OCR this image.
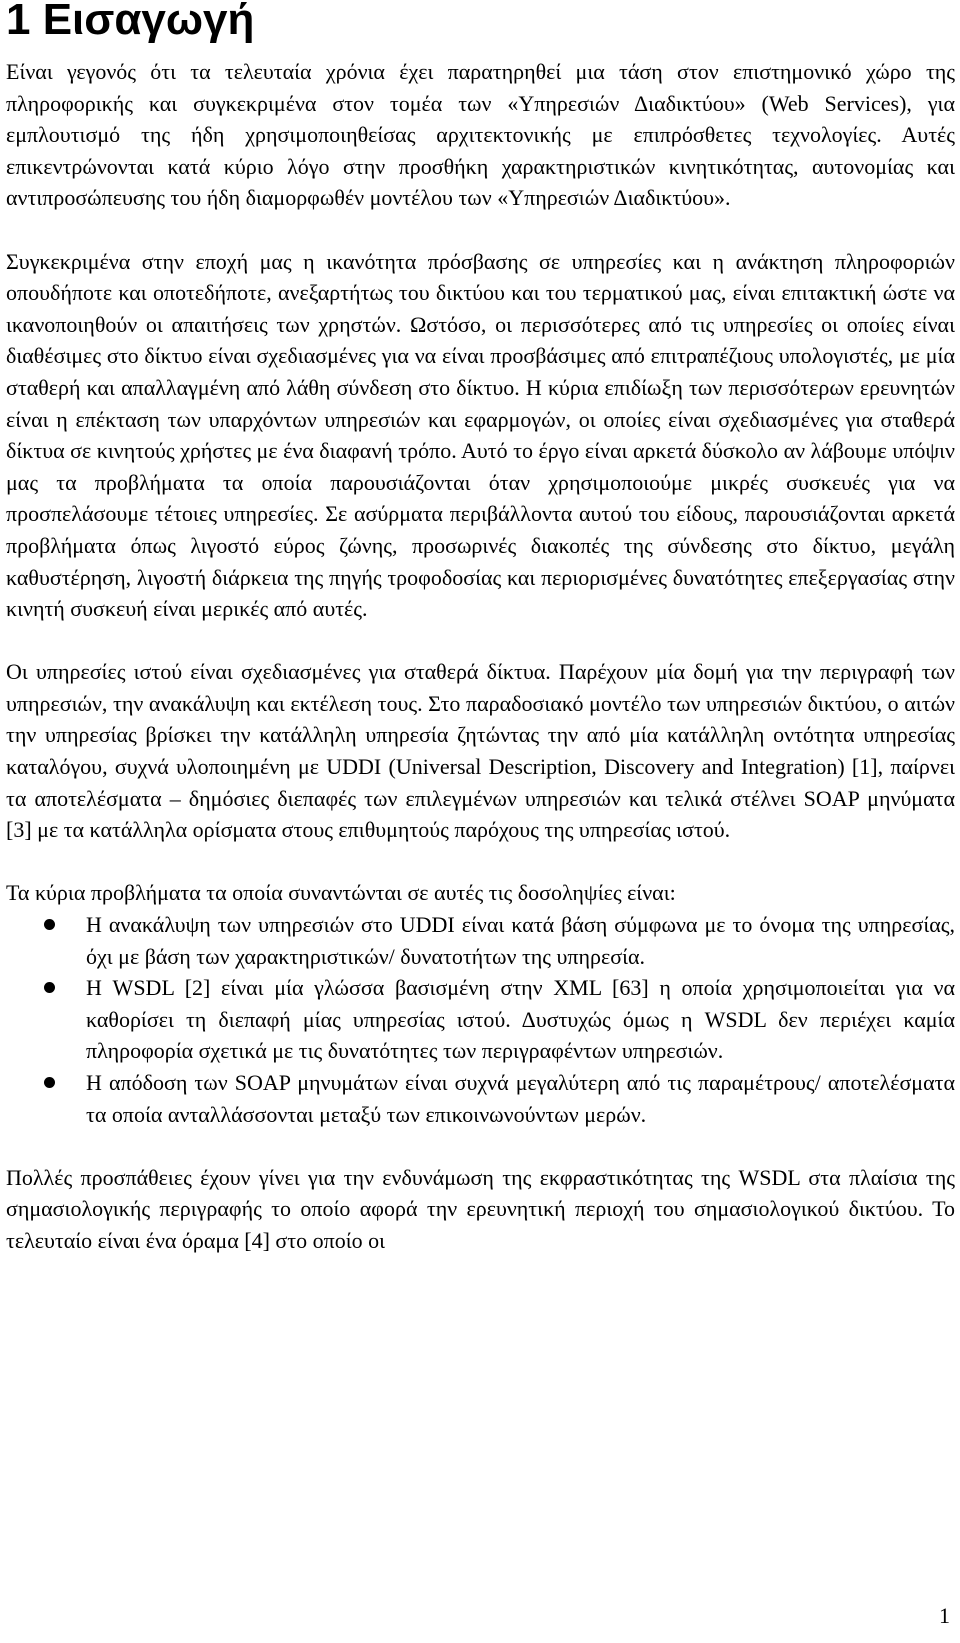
1 Εισαγωγή

Είναι γεγονός ότι τα τελευταία χρόνια έχει παρατηρηθεί μια τάση στον επιστημονικό χώρο της πληροφορικής και συγκεκριμένα στον τομέα των «Υπηρεσιών Διαδικτύου» (Web Services), για εμπλουτισμό της ήδη χρησιμοποιηθείσας αρχιτεκτονικής με επιπρόσθετες τεχνολογίες. Αυτές επικεντρώνονται κατά κύριο λόγο στην προσθήκη χαρακτηριστικών κινητικότητας, αυτονομίας και αντιπροσώπευσης του ήδη διαμορφωθέν μοντέλου των «Υπηρεσιών Διαδικτύου».

Συγκεκριμένα στην εποχή μας η ικανότητα πρόσβασης σε υπηρεσίες και η ανάκτηση πληροφοριών οπουδήποτε και οποτεδήποτε, ανεξαρτήτως του δικτύου και του τερματικού μας, είναι επιτακτική ώστε να ικανοποιηθούν οι απαιτήσεις των χρηστών. Ωστόσο, οι περισσότερες από τις υπηρεσίες οι οποίες είναι διαθέσιμες στο δίκτυο είναι σχεδιασμένες για να είναι προσβάσιμες από επιτραπέζιους υπολογιστές, με μία σταθερή και απαλλαγμένη από λάθη σύνδεση στο δίκτυο. Η κύρια επιδίωξη των περισσότερων ερευνητών είναι η επέκταση των υπαρχόντων υπηρεσιών και εφαρμογών, οι οποίες είναι σχεδιασμένες για σταθερά δίκτυα σε κινητούς χρήστες με ένα διαφανή τρόπο. Αυτό το έργο είναι αρκετά δύσκολο αν λάβουμε υπόψιν μας τα προβλήματα τα οποία παρουσιάζονται όταν χρησιμοποιούμε μικρές συσκευές για να προσπελάσουμε τέτοιες υπηρεσίες. Σε ασύρματα περιβάλλοντα αυτού του είδους, παρουσιάζονται αρκετά προβλήματα όπως λιγοστό εύρος ζώνης, προσωρινές διακοπές της σύνδεσης στο δίκτυο, μεγάλη καθυστέρηση, λιγοστή διάρκεια της πηγής τροφοδοσίας και περιορισμένες δυνατότητες επεξεργασίας στην κινητή συσκευή είναι μερικές από αυτές.

Οι υπηρεσίες ιστού είναι σχεδιασμένες για σταθερά δίκτυα. Παρέχουν μία δομή για την περιγραφή των υπηρεσιών, την ανακάλυψη και εκτέλεση τους. Στο παραδοσιακό μοντέλο των υπηρεσιών δικτύου, ο αιτών την υπηρεσίας βρίσκει την κατάλληλη υπηρεσία ζητώντας την από μία κατάλληλη οντότητα υπηρεσίας καταλόγου, συχνά υλοποιημένη με UDDI (Universal Description, Discovery and Integration) [1], παίρνει τα αποτελέσματα – δημόσιες διεπαφές των επιλεγμένων υπηρεσιών και τελικά στέλνει SOAP μηνύματα [3] με τα κατάλληλα ορίσματα στους επιθυμητούς παρόχους της υπηρεσίας ιστού.

Τα κύρια προβλήματα τα οποία συναντώνται σε αυτές τις δοσοληψίες είναι:

Η ανακάλυψη των υπηρεσιών στο UDDI είναι κατά βάση σύμφωνα με το όνομα της υπηρεσίας, όχι με βάση των χαρακτηριστικών/ δυνατοτήτων της υπηρεσία.
Η WSDL [2] είναι μία γλώσσα βασισμένη στην XML [63] η οποία χρησιμοποιείται για να καθορίσει τη διεπαφή μίας υπηρεσίας ιστού. Δυστυχώς όμως η WSDL δεν περιέχει καμία πληροφορία σχετικά με τις δυνατότητες των περιγραφέντων υπηρεσιών.
Η απόδοση των SOAP μηνυμάτων είναι συχνά μεγαλύτερη από τις παραμέτρους/ αποτελέσματα τα οποία ανταλλάσσονται μεταξύ των επικοινωνούντων μερών.

Πολλές προσπάθειες έχουν γίνει για την ενδυνάμωση της εκφραστικότητας της WSDL στα πλαίσια της σημασιολογικής περιγραφής το οποίο αφορά την ερευνητική περιοχή του σημασιολογικού δικτύου. Το τελευταίο είναι ένα όραμα [4] στο οποίο οι

1
